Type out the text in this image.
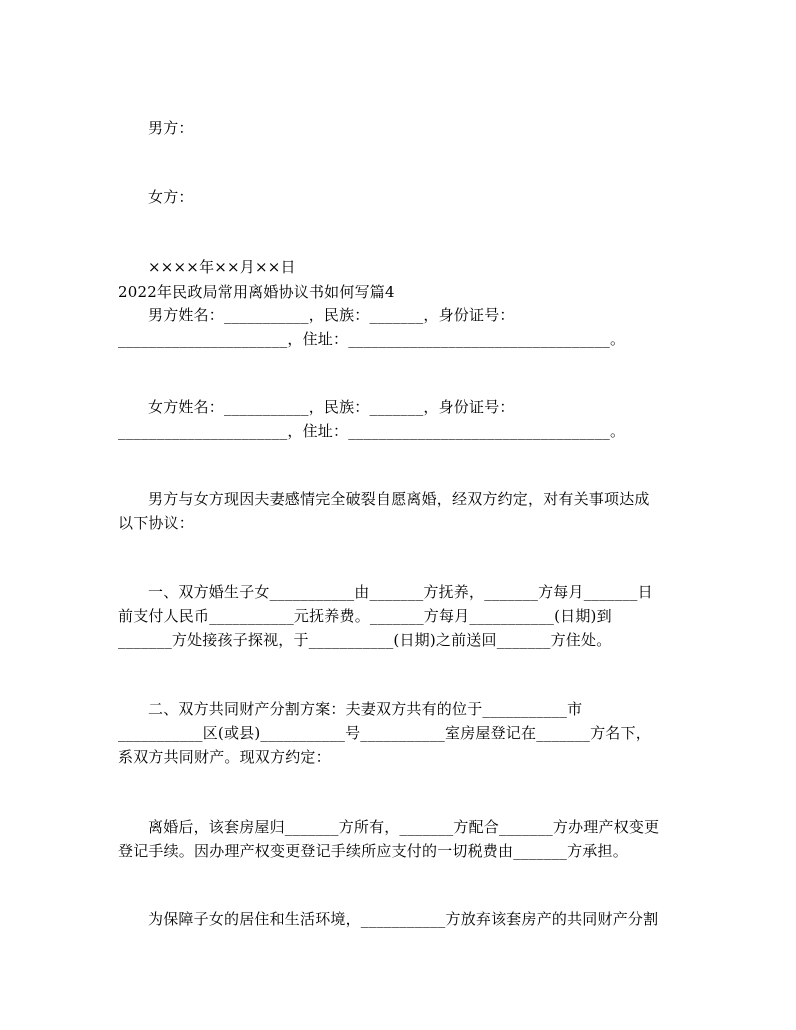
男方：
女方：
××××年××月××日
2022年民政局常用离婚协议书如何写篇4
男方姓名：___________，民族：_______，身份证号：
______________________，住址：__________________________________。
女方姓名：___________，民族：_______，身份证号：
______________________，住址：__________________________________。
男方与女方现因夫妻感情完全破裂自愿离婚，经双方约定，对有关事项达成
以下协议：
一、双方婚生子女___________由_______方抚养，_______方每月_______日
前支付人民币___________元抚养费。_______方每月___________(日期)到
_______方处接孩子探视，于___________(日期)之前送回_______方住处。
二、双方共同财产分割方案：夫妻双方共有的位于___________市
___________区(或县)___________号___________室房屋登记在_______方名下，
系双方共同财产。现双方约定：
离婚后，该套房屋归_______方所有，_______方配合_______方办理产权变更
登记手续。因办理产权变更登记手续所应支付的一切税费由_______方承担。
为保障子女的居住和生活环境，___________方放弃该套房产的共同财产分割
